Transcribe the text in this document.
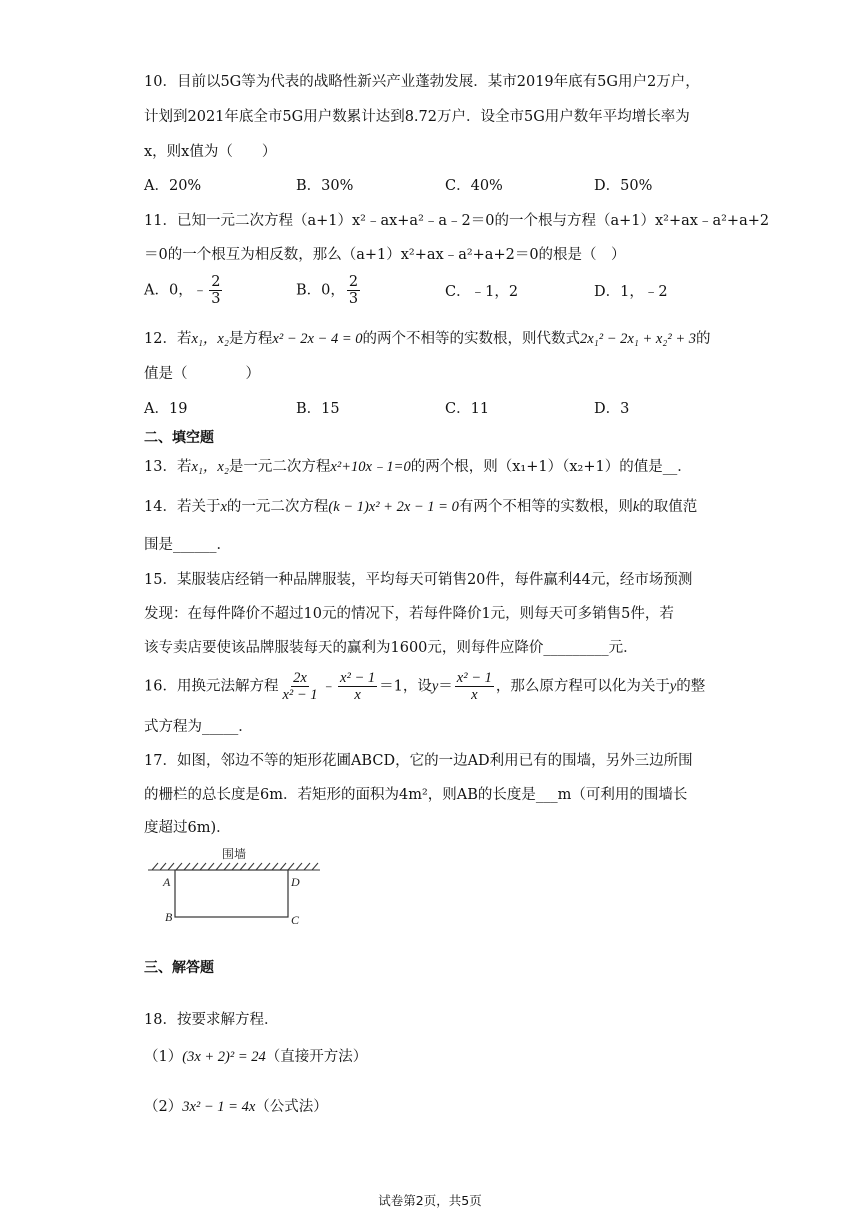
10．目前以5G等为代表的战略性新兴产业蓬勃发展．某市2019年底有5G用户2万户，
计划到2021年底全市5G用户数累计达到8.72万户．设全市5G用户数年平均增长率为
x，则x值为（　　）
A．20%	B．30%	C．40%	D．50%
11．已知一元二次方程（a+1）x²﹣ax+a²﹣a﹣2＝0的一个根与方程（a+1）x²+ax﹣a²+a+2
＝0的一个根互为相反数，那么（a+1）x²+ax﹣a²+a+2＝0的根是（　）
A．0，﹣ $\frac{2}{3}$	B．0， $\frac{2}{3}$	C．﹣1，2	D．1，﹣2
12．若x₁，x₂是方程x² − 2x − 4 = 0的两个不相等的实数根，则代数式2x₁² − 2x₁ + x₂² + 3的
值是（　　　　）
A．19	B．15	C．11	D．3
二、填空题
13．若x₁，x₂是一元二次方程x²+10x﹣1=0的两个根，则（x₁+1）（x₂+1）的值是__．
14．若关于x的一元二次方程(k − 1)x² + 2x − 1 = 0有两个不相等的实数根，则k的取值范
围是______．
15．某服装店经销一种品牌服装，平均每天可销售20件，每件赢利44元，经市场预测
发现：在每件降价不超过10元的情况下，若每件降价1元，则每天可多销售5件，若
该专卖店要使该品牌服装每天的赢利为1600元，则每件应降价_________元．
16．用换元法解方程 $\frac{2x}{\text{x² − 1}}$ ﹣ $\frac{\text{x² − 1}}{x} =1$，设$y= \frac{\text{x² − 1}}{x}$ ，那么原方程可以化为关于y的整
式方程为_____．
17．如图，邻边不等的矩形花圃ABCD，它的一边AD利用已有的围墙，另外三边所围
的栅栏的总长度是6m．若矩形的面积为4m²，则AB的长度是___m（可利用的围墙长
度超过6m)．
围墙
A
B	C
D
三、解答题
18．按要求解方程．
（1）(3x + 2)² = 24（直接开方法）
（2）3x² − 1 = 4x（公式法）
试卷第2页，共5页
